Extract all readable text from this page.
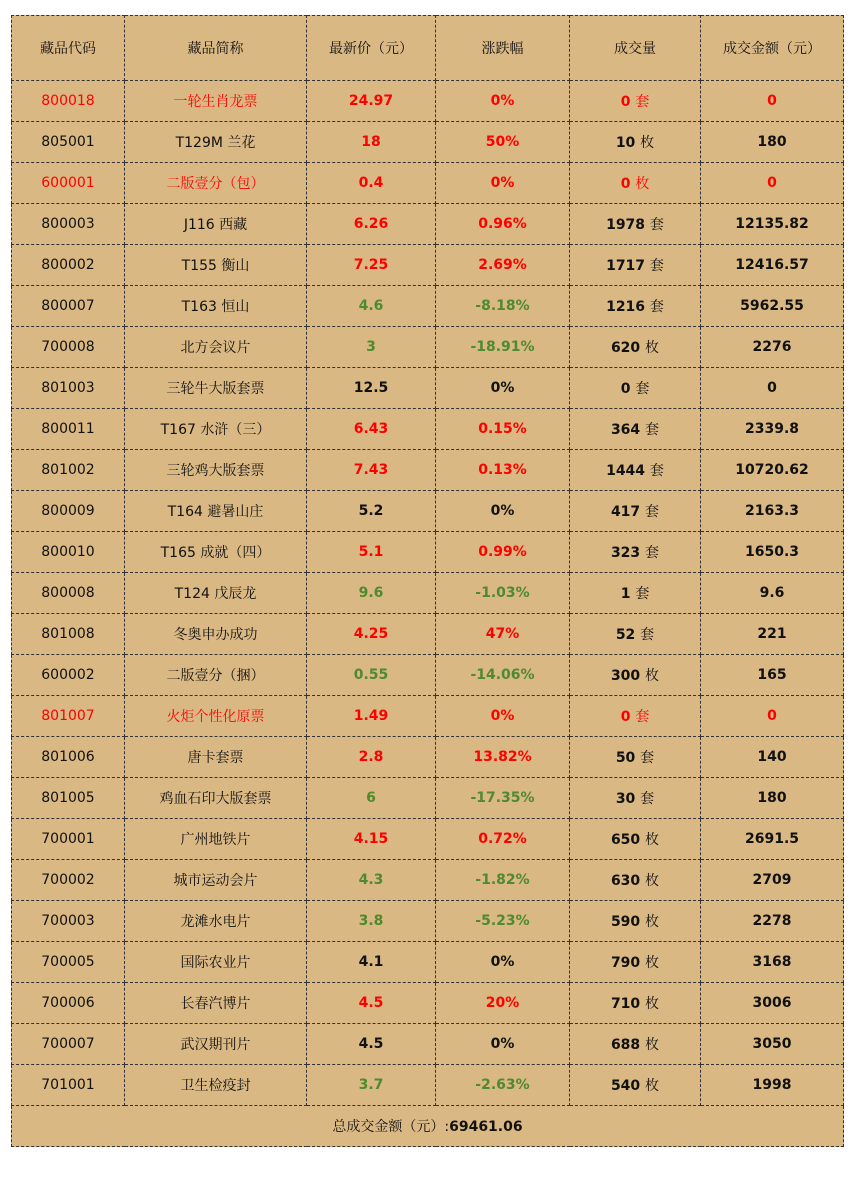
藏品代码	藏品简称	最新价（元）	涨跌幅	成交量	成交金额（元）
800018	一轮生肖龙票	24.97	0%	0 套	0
805001	T129M 兰花	18	50%	10 枚	180
600001	二版壹分（包）	0.4	0%	0 枚	0
800003	J116 西藏	6.26	0.96%	1978 套	12135.82
800002	T155 衡山	7.25	2.69%	1717 套	12416.57
800007	T163 恒山	4.6	-8.18%	1216 套	5962.55
700008	北方会议片	3	-18.91%	620 枚	2276
801003	三轮牛大版套票	12.5	0%	0 套	0
800011	T167 水浒（三）	6.43	0.15%	364 套	2339.8
801002	三轮鸡大版套票	7.43	0.13%	1444 套	10720.62
800009	T164 避暑山庄	5.2	0%	417 套	2163.3
800010	T165 成就（四）	5.1	0.99%	323 套	1650.3
800008	T124 戊辰龙	9.6	-1.03%	1 套	9.6
801008	冬奥申办成功	4.25	47%	52 套	221
600002	二版壹分（捆）	0.55	-14.06%	300 枚	165
801007	火炬个性化原票	1.49	0%	0 套	0
801006	唐卡套票	2.8	13.82%	50 套	140
801005	鸡血石印大版套票	6	-17.35%	30 套	180
700001	广州地铁片	4.15	0.72%	650 枚	2691.5
700002	城市运动会片	4.3	-1.82%	630 枚	2709
700003	龙滩水电片	3.8	-5.23%	590 枚	2278
700005	国际农业片	4.1	0%	790 枚	3168
700006	长春汽博片	4.5	20%	710 枚	3006
700007	武汉期刊片	4.5	0%	688 枚	3050
701001	卫生检疫封	3.7	-2.63%	540 枚	1998
总成交金额（元）:69461.06					
